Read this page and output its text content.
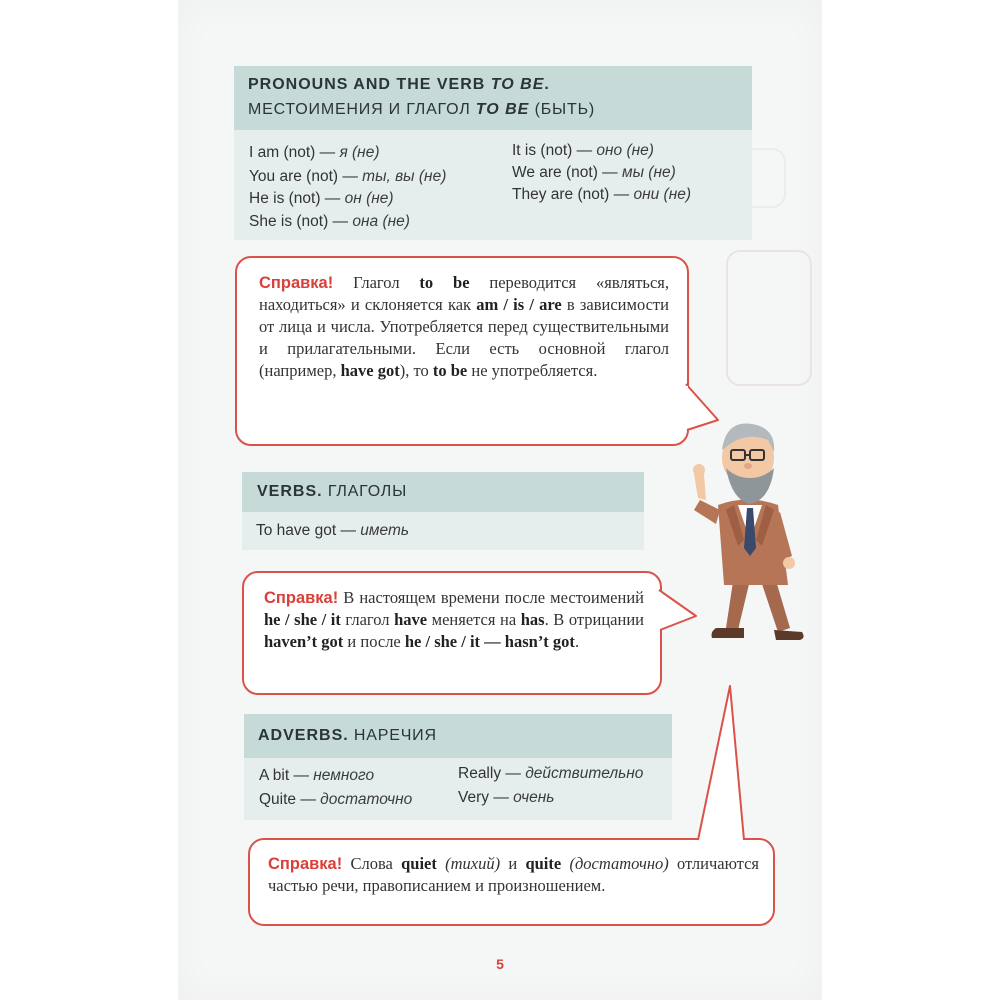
PRONOUNS AND THE VERB TO BE.
МЕСТОИМЕНИЯ И ГЛАГОЛ TO BE (БЫТЬ)
I am (not) — я (не)
You are (not) — ты, вы (не)
He is (not) — он (не)
She is (not) — она (не)
It is (not) — оно (не)
We are (not) — мы (не)
They are (not) — они (не)
Справка! Глагол to be переводится «являться, находиться» и склоняется как am / is / are в зависимости от лица и числа. Употребляется перед существительными и прилагательными. Если есть основной глагол (например, have got), то to be не употребляется.
VERBS. ГЛАГОЛЫ
To have got — иметь
Справка! В настоящем времени после местоимений he / she / it глагол have меняется на has. В отрицании haven’t got и после he / she / it — hasn’t got.
ADVERBS. НАРЕЧИЯ
A bit — немного
Quite — достаточно
Really — действительно
Very — очень
Справка! Слова quiet (тихий) и quite (достаточно) отличаются частью речи, правописанием и произношением.
5
